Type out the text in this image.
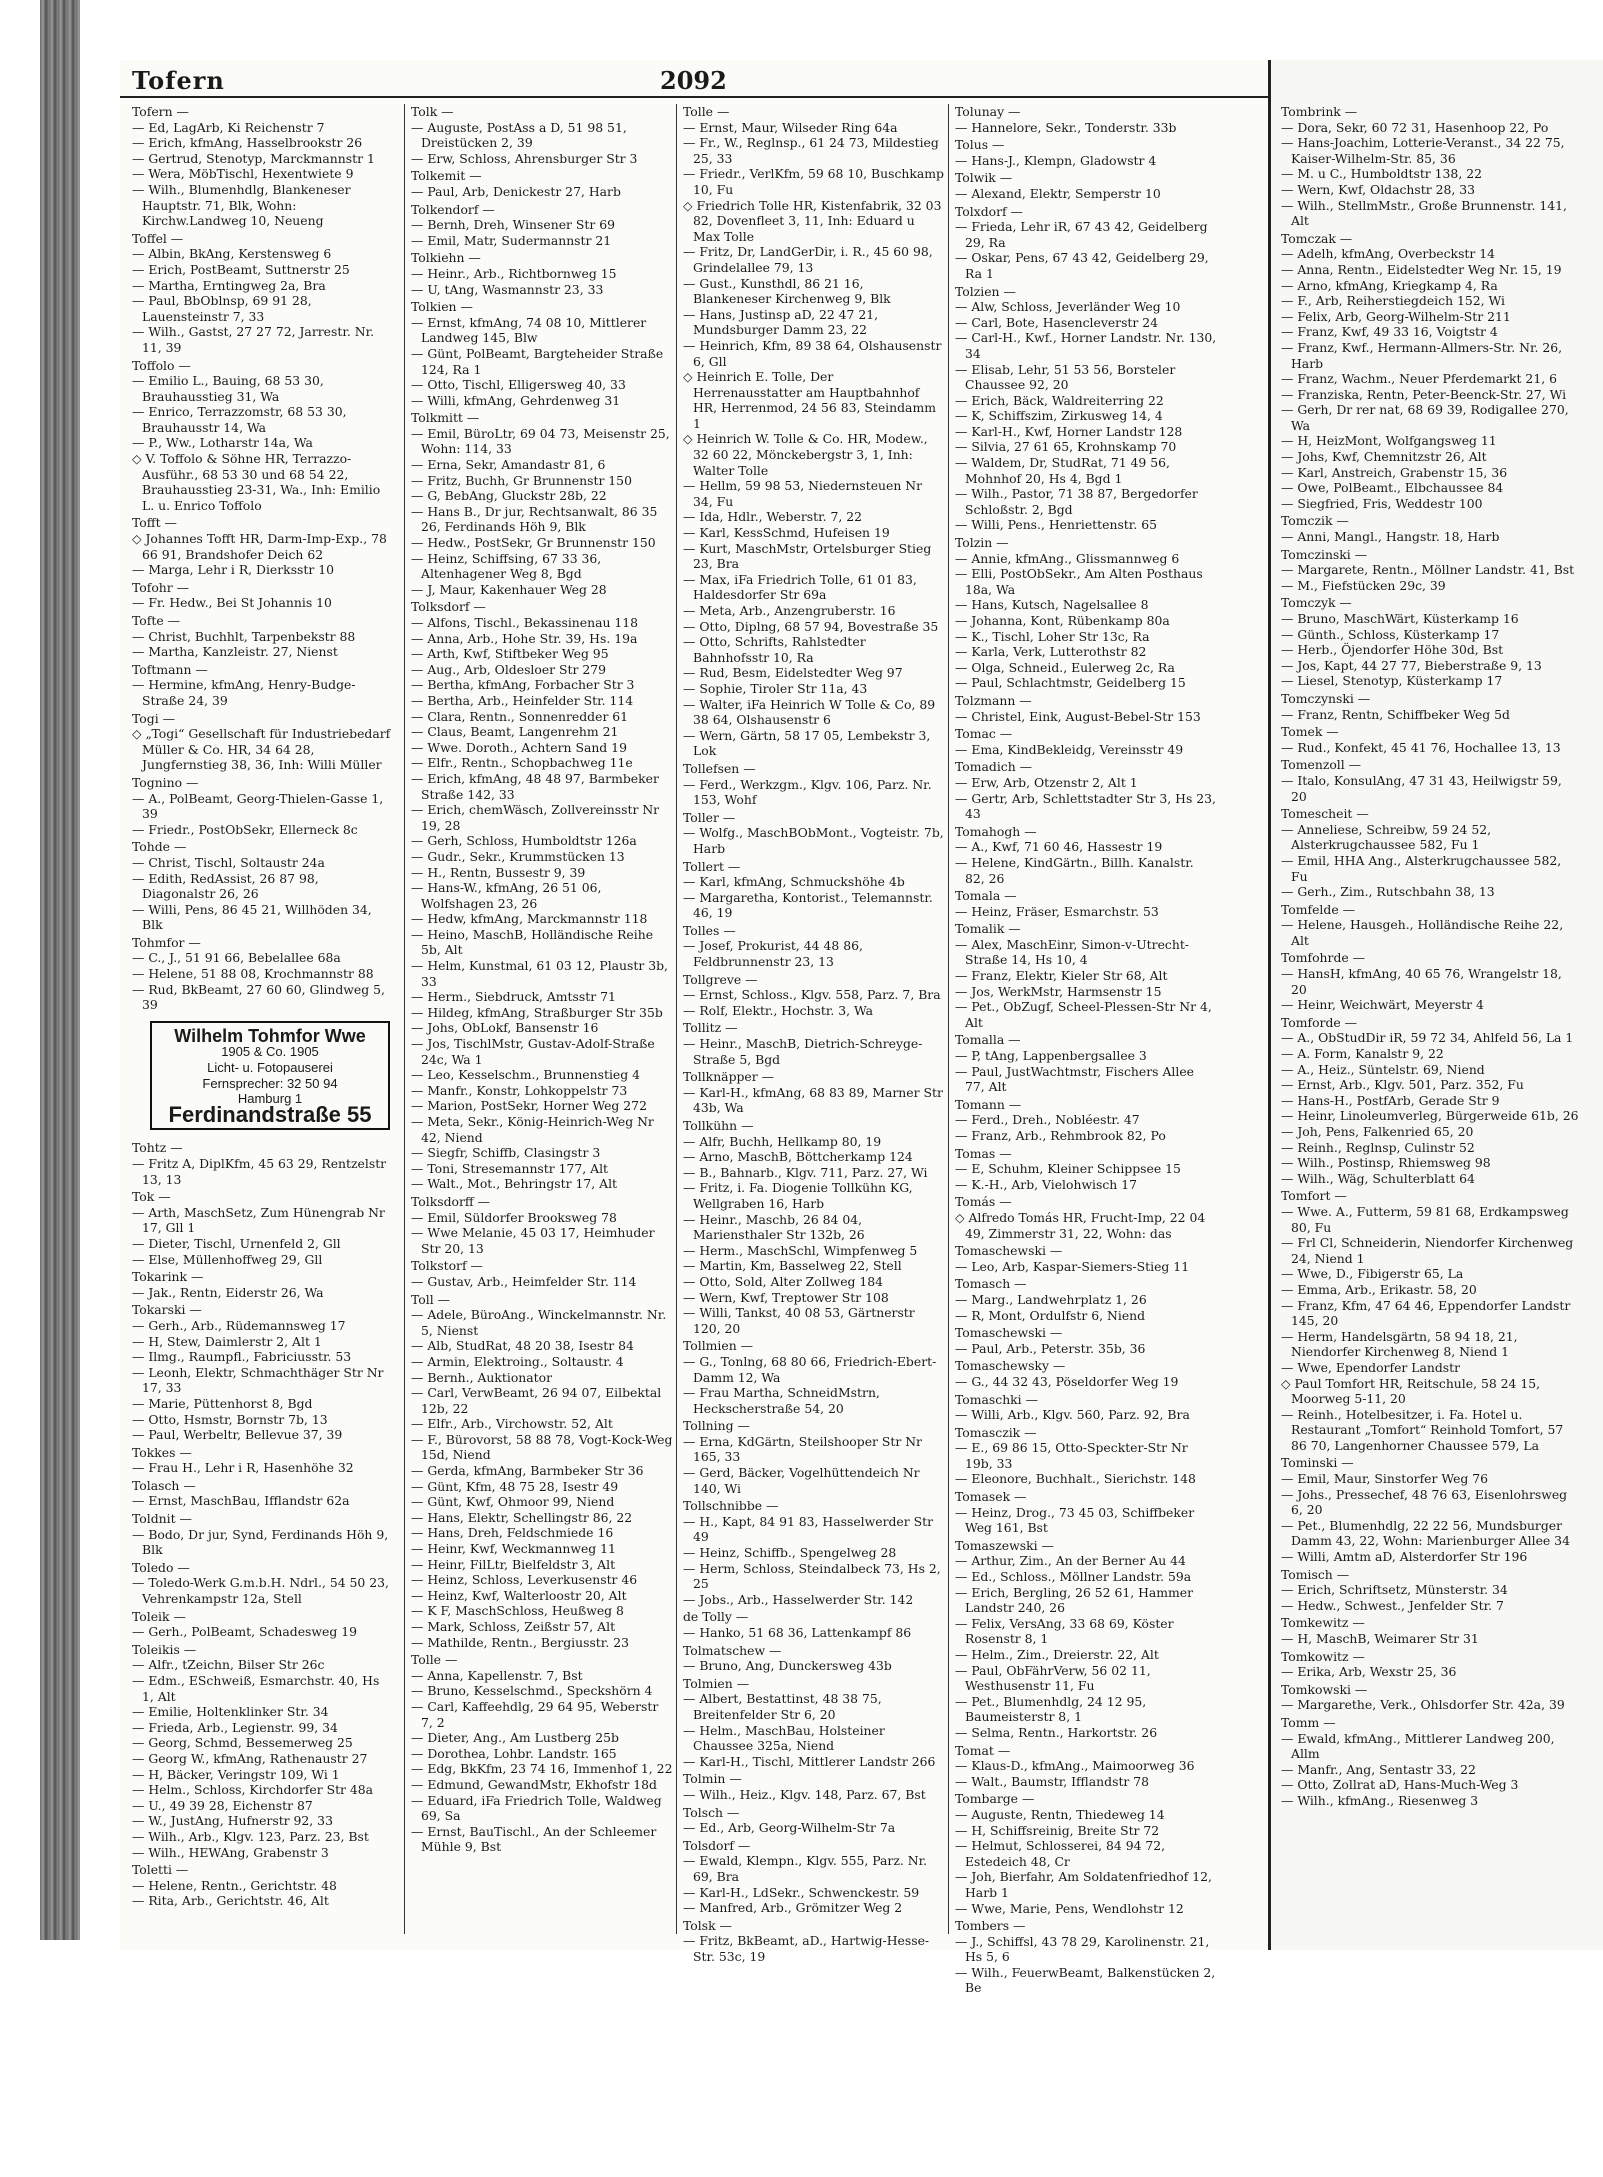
Tofern	2092
Tofern —
— Ed, LagArb, Ki Reichenstr 7
— Erich, kfmAng, Hasselbrookstr 26
— Gertrud, Stenotyp, Marckmannstr 1
— Wera, MöbTischl, Hexentwiete 9
— Wilh., Blumenhdlg, Blankeneser Hauptstr. 71, Blk, Wohn: Kirchw.Landweg 10, Neueng
Toffel —
— Albin, BkAng, Kerstensweg 6
— Erich, PostBeamt, Suttnerstr 25
— Martha, Erntingweg 2a, Bra
— Paul, BbOblnsp, 69 91 28, Lauensteinstr 7, 33
— Wilh., Gastst, 27 27 72, Jarrestr. Nr. 11, 39
Toffolo —
— Emilio L., Bauing, 68 53 30, Brauhausstieg 31, Wa
— Enrico, Terrazzomstr, 68 53 30, Brauhausstr 14, Wa
— P., Ww., Lotharstr 14a, Wa
◇ V. Toffolo & Söhne HR, Terrazzo-Ausführ., 68 53 30 und 68 54 22, Brauhausstieg 23-31, Wa., Inh: Emilio L. u. Enrico Toffolo
Tofft —
◇ Johannes Tofft HR, Darm-Imp-Exp., 78 66 91, Brandshofer Deich 62
— Marga, Lehr i R, Dierksstr 10
Tofohr —
— Fr. Hedw., Bei St Johannis 10
Tofte —
— Christ, Buchhlt, Tarpenbekstr 88
— Martha, Kanzleistr. 27, Nienst
Toftmann —
— Hermine, kfmAng, Henry-Budge-Straße 24, 39
Togi —
◇ „Togi“ Gesellschaft für Industriebedarf Müller & Co. HR, 34 64 28, Jungfernstieg 38, 36, Inh: Willi Müller
Tognino —
— A., PolBeamt, Georg-Thielen-Gasse 1, 39
— Friedr., PostObSekr, Ellerneck 8c
Tohde —
— Christ, Tischl, Soltaustr 24a
— Edith, RedAssist, 26 87 98, Diagonalstr 26, 26
— Willi, Pens, 86 45 21, Willhöden 34, Blk
Tohmfor —
— C., J., 51 91 66, Bebelallee 68a
— Helene, 51 88 08, Krochmannstr 88
— Rud, BkBeamt, 27 60 60, Glindweg 5, 39
Wilhelm Tohmfor Wwe
1905 & Co. 1905
Licht- u. Fotopauserei
Fernsprecher: 32 50 94
Hamburg 1
Ferdinandstraße 55
Tohtz —
— Fritz A, DiplKfm, 45 63 29, Rentzelstr 13, 13
Tok —
— Arth, MaschSetz, Zum Hünengrab Nr 17, Gll 1
— Dieter, Tischl, Urnenfeld 2, Gll
— Else, Müllenhoffweg 29, Gll
Tokarink —
— Jak., Rentn, Eiderstr 26, Wa
Tokarski —
— Gerh., Arb., Rüdemannsweg 17
— H, Stew, Daimlerstr 2, Alt 1
— Ilmg., Raumpfl., Fabriciusstr. 53
— Leonh, Elektr, Schmachthäger Str Nr 17, 33
— Marie, Püttenhorst 8, Bgd
— Otto, Hsmstr, Bornstr 7b, 13
— Paul, Werbeltr, Bellevue 37, 39
Tokkes —
— Frau H., Lehr i R, Hasenhöhe 32
Tolasch —
— Ernst, MaschBau, Ifflandstr 62a
Toldnit —
— Bodo, Dr jur, Synd, Ferdinands Höh 9, Blk
Toledo —
— Toledo-Werk G.m.b.H. Ndrl., 54 50 23, Vehrenkampstr 12a, Stell
Toleik —
— Gerh., PolBeamt, Schadesweg 19
Toleikis —
— Alfr., tZeichn, Bilser Str 26c
— Edm., ESchweiß, Esmarchstr. 40, Hs 1, Alt
— Emilie, Holtenklinker Str. 34
— Frieda, Arb., Legienstr. 99, 34
— Georg, Schmd, Bessemerweg 25
— Georg W., kfmAng, Rathenaustr 27
— H, Bäcker, Veringstr 109, Wi 1
— Helm., Schloss, Kirchdorfer Str 48a
— U., 49 39 28, Eichenstr 87
— W., JustAng, Hufnerstr 92, 33
— Wilh., Arb., Klgv. 123, Parz. 23, Bst
— Wilh., HEWAng, Grabenstr 3
Toletti —
— Helene, Rentn., Gerichtstr. 48
— Rita, Arb., Gerichtstr. 46, Alt
Tolk —
— Auguste, PostAss a D, 51 98 51, Dreistücken 2, 39
— Erw, Schloss, Ahrensburger Str 3
Tolkemit —
— Paul, Arb, Denickestr 27, Harb
Tolkendorf —
— Bernh, Dreh, Winsener Str 69
— Emil, Matr, Sudermannstr 21
Tolkiehn —
— Heinr., Arb., Richtbornweg 15
— U, tAng, Wasmannstr 23, 33
Tolkien —
— Ernst, kfmAng, 74 08 10, Mittlerer Landweg 145, Blw
— Günt, PolBeamt, Bargteheider Straße 124, Ra 1
— Otto, Tischl, Elligersweg 40, 33
— Willi, kfmAng, Gehrdenweg 31
Tolkmitt —
— Emil, BüroLtr, 69 04 73, Meisenstr 25, Wohn: 114, 33
— Erna, Sekr, Amandastr 81, 6
— Fritz, Buchh, Gr Brunnenstr 150
— G, BebAng, Gluckstr 28b, 22
— Hans B., Dr jur, Rechtsanwalt, 86 35 26, Ferdinands Höh 9, Blk
— Hedw., PostSekr, Gr Brunnenstr 150
— Heinz, Schiffsing, 67 33 36, Altenhagener Weg 8, Bgd
— J, Maur, Kakenhauer Weg 28
Tolksdorf —
— Alfons, Tischl., Bekassinenau 118
— Anna, Arb., Hohe Str. 39, Hs. 19a
— Arth, Kwf, Stiftbeker Weg 95
— Aug., Arb, Oldesloer Str 279
— Bertha, kfmAng, Forbacher Str 3
— Bertha, Arb., Heinfelder Str. 114
— Clara, Rentn., Sonnenredder 61
— Claus, Beamt, Langenrehm 21
— Wwe. Doroth., Achtern Sand 19
— Elfr., Rentn., Schopbachweg 11e
— Erich, kfmAng, 48 48 97, Barmbeker Straße 142, 33
— Erich, chemWäsch, Zollvereinsstr Nr 19, 28
— Gerh, Schloss, Humboldtstr 126a
— Gudr., Sekr., Krummstücken 13
— H., Rentn, Bussestr 9, 39
— Hans-W., kfmAng, 26 51 06, Wolfshagen 23, 26
— Hedw, kfmAng, Marckmannstr 118
— Heino, MaschB, Holländische Reihe 5b, Alt
— Helm, Kunstmal, 61 03 12, Plaustr 3b, 33
— Herm., Siebdruck, Amtsstr 71
— Hildeg, kfmAng, Straßburger Str 35b
— Johs, ObLokf, Bansenstr 16
— Jos, TischlMstr, Gustav-Adolf-Straße 24c, Wa 1
— Leo, Kesselschm., Brunnenstieg 4
— Manfr., Konstr, Lohkoppelstr 73
— Marion, PostSekr, Horner Weg 272
— Meta, Sekr., König-Heinrich-Weg Nr 42, Niend
— Siegfr, Schiffb, Clasingstr 3
— Toni, Stresemannstr 177, Alt
— Walt., Mot., Behringstr 17, Alt
Tolksdorff —
— Emil, Süldorfer Brooksweg 78
— Wwe Melanie, 45 03 17, Heimhuder Str 20, 13
Tolkstorf —
— Gustav, Arb., Heimfelder Str. 114
Toll —
— Adele, BüroAng., Winckelmannstr. Nr. 5, Nienst
— Alb, StudRat, 48 20 38, Isestr 84
— Armin, Elektroing., Soltaustr. 4
— Bernh., Auktionator
— Carl, VerwBeamt, 26 94 07, Eilbektal 12b, 22
— Elfr., Arb., Virchowstr. 52, Alt
— F., Bürovorst, 58 88 78, Vogt-Kock-Weg 15d, Niend
— Gerda, kfmAng, Barmbeker Str 36
— Günt, Kfm, 48 75 28, Isestr 49
— Günt, Kwf, Ohmoor 99, Niend
— Hans, Elektr, Schellingstr 86, 22
— Hans, Dreh, Feldschmiede 16
— Heinr, Kwf, Weckmannweg 11
— Heinr, FilLtr, Bielfeldstr 3, Alt
— Heinz, Schloss, Leverkusenstr 46
— Heinz, Kwf, Walterloostr 20, Alt
— K F, MaschSchloss, Heußweg 8
— Mark, Schloss, Zeißstr 57, Alt
— Mathilde, Rentn., Bergiusstr. 23
Tolle —
— Anna, Kapellenstr. 7, Bst
— Bruno, Kesselschmd., Speckshörn 4
— Carl, Kaffeehdlg, 29 64 95, Weberstr 7, 2
— Dieter, Ang., Am Lustberg 25b
— Dorothea, Lohbr. Landstr. 165
— Edg, BkKfm, 23 74 16, Immenhof 1, 22
— Edmund, GewandMstr, Ekhofstr 18d
— Eduard, iFa Friedrich Tolle, Waldweg 69, Sa
— Ernst, BauTischl., An der Schleemer Mühle 9, Bst
Tolle —
— Ernst, Maur, Wilseder Ring 64a
— Fr., W., Reglnsp., 61 24 73, Mildestieg 25, 33
— Friedr., VerlKfm, 59 68 10, Buschkamp 10, Fu
◇ Friedrich Tolle HR, Kistenfabrik, 32 03 82, Dovenfleet 3, 11, Inh: Eduard u Max Tolle
— Fritz, Dr, LandGerDir, i. R., 45 60 98, Grindelallee 79, 13
— Gust., Kunsthdl, 86 21 16, Blankeneser Kirchenweg 9, Blk
— Hans, Justinsp aD, 22 47 21, Mundsburger Damm 23, 22
— Heinrich, Kfm, 89 38 64, Olshausenstr 6, Gll
◇ Heinrich E. Tolle, Der Herrenausstatter am Hauptbahnhof HR, Herrenmod, 24 56 83, Steindamm 1
◇ Heinrich W. Tolle & Co. HR, Modew., 32 60 22, Mönckebergstr 3, 1, Inh: Walter Tolle
— Hellm, 59 98 53, Niedernsteuen Nr 34, Fu
— Ida, Hdlr., Weberstr. 7, 22
— Karl, KessSchmd, Hufeisen 19
— Kurt, MaschMstr, Ortelsburger Stieg 23, Bra
— Max, iFa Friedrich Tolle, 61 01 83, Haldesdorfer Str 69a
— Meta, Arb., Anzengruberstr. 16
— Otto, Diplng, 68 57 94, Bovestraße 35
— Otto, Schrifts, Rahlstedter Bahnhofsstr 10, Ra
— Rud, Besm, Eidelstedter Weg 97
— Sophie, Tiroler Str 11a, 43
— Walter, iFa Heinrich W Tolle & Co, 89 38 64, Olshausenstr 6
— Wern, Gärtn, 58 17 05, Lembekstr 3, Lok
Tollefsen —
— Ferd., Werkzgm., Klgv. 106, Parz. Nr. 153, Wohf
Toller —
— Wolfg., MaschBObMont., Vogteistr. 7b, Harb
Tollert —
— Karl, kfmAng, Schmuckshöhe 4b
— Margaretha, Kontorist., Telemannstr. 46, 19
Tolles —
— Josef, Prokurist, 44 48 86, Feldbrunnenstr 23, 13
Tollgreve —
— Ernst, Schloss., Klgv. 558, Parz. 7, Bra
— Rolf, Elektr., Hochstr. 3, Wa
Tollitz —
— Heinr., MaschB, Dietrich-Schreyge-Straße 5, Bgd
Tollknäpper —
— Karl-H., kfmAng, 68 83 89, Marner Str 43b, Wa
Tollkühn —
— Alfr, Buchh, Hellkamp 80, 19
— Arno, MaschB, Böttcherkamp 124
— B., Bahnarb., Klgv. 711, Parz. 27, Wi
— Fritz, i. Fa. Diogenie Tollkühn KG, Wellgraben 16, Harb
— Heinr., Maschb, 26 84 04, Mariensthaler Str 132b, 26
— Herm., MaschSchl, Wimpfenweg 5
— Martin, Km, Basselweg 22, Stell
— Otto, Sold, Alter Zollweg 184
— Wern, Kwf, Treptower Str 108
— Willi, Tankst, 40 08 53, Gärtnerstr 120, 20
Tollmien —
— G., Tonlng, 68 80 66, Friedrich-Ebert-Damm 12, Wa
— Frau Martha, SchneidMstrn, Heckscherstraße 54, 20
Tollning —
— Erna, KdGärtn, Steilshooper Str Nr 165, 33
— Gerd, Bäcker, Vogelhüttendeich Nr 140, Wi
Tollschnibbe —
— H., Kapt, 84 91 83, Hasselwerder Str 49
— Heinz, Schiffb., Spengelweg 28
— Herm, Schloss, Steindalbeck 73, Hs 2, 25
— Jobs., Arb., Hasselwerder Str. 142
de Tolly —
— Hanko, 51 68 36, Lattenkampf 86
Tolmatschew —
— Bruno, Ang, Dunckersweg 43b
Tolmien —
— Albert, Bestattinst, 48 38 75, Breitenfelder Str 6, 20
— Helm., MaschBau, Holsteiner Chaussee 325a, Niend
— Karl-H., Tischl, Mittlerer Landstr 266
Tolmin —
— Wilh., Heiz., Klgv. 148, Parz. 67, Bst
Tolsch —
— Ed., Arb, Georg-Wilhelm-Str 7a
Tolsdorf —
— Ewald, Klempn., Klgv. 555, Parz. Nr. 69, Bra
— Karl-H., LdSekr., Schwenckestr. 59
— Manfred, Arb., Grömitzer Weg 2
Tolsk —
— Fritz, BkBeamt, aD., Hartwig-Hesse-Str. 53c, 19
Tolunay —
— Hannelore, Sekr., Tonderstr. 33b
Tolus —
— Hans-J., Klempn, Gladowstr 4
Tolwik —
— Alexand, Elektr, Semperstr 10
Tolxdorf —
— Frieda, Lehr iR, 67 43 42, Geidelberg 29, Ra
— Oskar, Pens, 67 43 42, Geidelberg 29, Ra 1
Tolzien —
— Alw, Schloss, Jeverländer Weg 10
— Carl, Bote, Hasencleverstr 24
— Carl-H., Kwf., Horner Landstr. Nr. 130, 34
— Elisab, Lehr, 51 53 56, Borsteler Chaussee 92, 20
— Erich, Bäck, Waldreiterring 22
— K, Schiffszim, Zirkusweg 14, 4
— Karl-H., Kwf, Horner Landstr 128
— Silvia, 27 61 65, Krohnskamp 70
— Waldem, Dr, StudRat, 71 49 56, Mohnhof 20, Hs 4, Bgd 1
— Wilh., Pastor, 71 38 87, Bergedorfer Schloßstr. 2, Bgd
— Willi, Pens., Henriettenstr. 65
Tolzin —
— Annie, kfmAng., Glissmannweg 6
— Elli, PostObSekr., Am Alten Posthaus 18a, Wa
— Hans, Kutsch, Nagelsallee 8
— Johanna, Kont, Rübenkamp 80a
— K., Tischl, Loher Str 13c, Ra
— Karla, Verk, Lutterothstr 82
— Olga, Schneid., Eulerweg 2c, Ra
— Paul, Schlachtmstr, Geidelberg 15
Tolzmann —
— Christel, Eink, August-Bebel-Str 153
Tomac —
— Ema, KindBekleidg, Vereinsstr 49
Tomadich —
— Erw, Arb, Otzenstr 2, Alt 1
— Gertr, Arb, Schlettstadter Str 3, Hs 23, 43
Tomahogh —
— A., Kwf, 71 60 46, Hassestr 19
— Helene, KindGärtn., Billh. Kanalstr. 82, 26
Tomala —
— Heinz, Fräser, Esmarchstr. 53
Tomalik —
— Alex, MaschEinr, Simon-v-Utrecht-Straße 14, Hs 10, 4
— Franz, Elektr, Kieler Str 68, Alt
— Jos, WerkMstr, Harmsenstr 15
— Pet., ObZugf, Scheel-Plessen-Str Nr 4, Alt
Tomalla —
— P, tAng, Lappenbergsallee 3
— Paul, JustWachtmstr, Fischers Allee 77, Alt
Tomann —
— Ferd., Dreh., Nobléestr. 47
— Franz, Arb., Rehmbrook 82, Po
Tomas —
— E, Schuhm, Kleiner Schippsee 15
— K.-H., Arb, Vielohwisch 17
Tomás —
◇ Alfredo Tomás HR, Frucht-Imp, 22 04 49, Zimmerstr 31, 22, Wohn: das
Tomaschewski —
— Leo, Arb, Kaspar-Siemers-Stieg 11
Tomasch —
— Marg., Landwehrplatz 1, 26
— R, Mont, Ordulfstr 6, Niend
Tomaschewski —
— Paul, Arb., Peterstr. 35b, 36
Tomaschewsky —
— G., 44 32 43, Pöseldorfer Weg 19
Tomaschki —
— Willi, Arb., Klgv. 560, Parz. 92, Bra
Tomasczik —
— E., 69 86 15, Otto-Speckter-Str Nr 19b, 33
— Eleonore, Buchhalt., Sierichstr. 148
Tomasek —
— Heinz, Drog., 73 45 03, Schiffbeker Weg 161, Bst
Tomaszewski —
— Arthur, Zim., An der Berner Au 44
— Ed., Schloss., Möllner Landstr. 59a
— Erich, Bergling, 26 52 61, Hammer Landstr 240, 26
— Felix, VersAng, 33 68 69, Köster Rosenstr 8, 1
— Helm., Zim., Dreierstr. 22, Alt
— Paul, ObFährVerw, 56 02 11, Westhusenstr 11, Fu
— Pet., Blumenhdlg, 24 12 95, Baumeisterstr 8, 1
— Selma, Rentn., Harkortstr. 26
Tomat —
— Klaus-D., kfmAng., Maimoorweg 36
— Walt., Baumstr, Ifflandstr 78
Tombarge —
— Auguste, Rentn, Thiedeweg 14
— H, Schiffsreinig, Breite Str 72
— Helmut, Schlosserei, 84 94 72, Estedeich 48, Cr
— Joh, Bierfahr, Am Soldatenfriedhof 12, Harb 1
— Wwe, Marie, Pens, Wendlohstr 12
Tombers —
— J., Schiffsl, 43 78 29, Karolinenstr. 21, Hs 5, 6
— Wilh., FeuerwBeamt, Balkenstücken 2, Be
Tombrink —
— Dora, Sekr, 60 72 31, Hasenhoop 22, Po
— Hans-Joachim, Lotterie-Veranst., 34 22 75, Kaiser-Wilhelm-Str. 85, 36
— M. u C., Humboldtstr 138, 22
— Wern, Kwf, Oldachstr 28, 33
— Wilh., StellmMstr., Große Brunnenstr. 141, Alt
Tomczak —
— Adelh, kfmAng, Overbeckstr 14
— Anna, Rentn., Eidelstedter Weg Nr. 15, 19
— Arno, kfmAng, Kriegkamp 4, Ra
— F., Arb, Reiherstiegdeich 152, Wi
— Felix, Arb, Georg-Wilhelm-Str 211
— Franz, Kwf, 49 33 16, Voigtstr 4
— Franz, Kwf., Hermann-Allmers-Str. Nr. 26, Harb
— Franz, Wachm., Neuer Pferdemarkt 21, 6
— Franziska, Rentn, Peter-Beenck-Str. 27, Wi
— Gerh, Dr rer nat, 68 69 39, Rodigallee 270, Wa
— H, HeizMont, Wolfgangsweg 11
— Johs, Kwf, Chemnitzstr 26, Alt
— Karl, Anstreich, Grabenstr 15, 36
— Owe, PolBeamt., Elbchaussee 84
— Siegfried, Fris, Weddestr 100
Tomczik —
— Anni, Mangl., Hangstr. 18, Harb
Tomczinski —
— Margarete, Rentn., Möllner Landstr. 41, Bst
— M., Fiefstücken 29c, 39
Tomczyk —
— Bruno, MaschWärt, Küsterkamp 16
— Günth., Schloss, Küsterkamp 17
— Herb., Öjendorfer Höhe 30d, Bst
— Jos, Kapt, 44 27 77, Bieberstraße 9, 13
— Liesel, Stenotyp, Küsterkamp 17
Tomczynski —
— Franz, Rentn, Schiffbeker Weg 5d
Tomek —
— Rud., Konfekt, 45 41 76, Hochallee 13, 13
Tomenzoll —
— Italo, KonsulAng, 47 31 43, Heilwigstr 59, 20
Tomescheit —
— Anneliese, Schreibw, 59 24 52, Alsterkrugchaussee 582, Fu 1
— Emil, HHA Ang., Alsterkrugchaussee 582, Fu
— Gerh., Zim., Rutschbahn 38, 13
Tomfelde —
— Helene, Hausgeh., Holländische Reihe 22, Alt
Tomfohrde —
— HansH, kfmAng, 40 65 76, Wrangelstr 18, 20
— Heinr, Weichwärt, Meyerstr 4
Tomforde —
— A., ObStudDir iR, 59 72 34, Ahlfeld 56, La 1
— A. Form, Kanalstr 9, 22
— A., Heiz., Süntelstr. 69, Niend
— Ernst, Arb., Klgv. 501, Parz. 352, Fu
— Hans-H., PostfArb, Gerade Str 9
— Heinr, Linoleumverleg, Bürgerweide 61b, 26
— Joh, Pens, Falkenried 65, 20
— Reinh., Reglnsp, Culinstr 52
— Wilh., Postinsp, Rhiemsweg 98
— Wilh., Wäg, Schulterblatt 64
Tomfort —
— Wwe. A., Futterm, 59 81 68, Erdkampsweg 80, Fu
— Frl Cl, Schneiderin, Niendorfer Kirchenweg 24, Niend 1
— Wwe, D., Fibigerstr 65, La
— Emma, Arb., Erikastr. 58, 20
— Franz, Kfm, 47 64 46, Eppendorfer Landstr 145, 20
— Herm, Handelsgärtn, 58 94 18, 21, Niendorfer Kirchenweg 8, Niend 1
— Wwe, Ependorfer Landstr
◇ Paul Tomfort HR, Reitschule, 58 24 15, Moorweg 5-11, 20
— Reinh., Hotelbesitzer, i. Fa. Hotel u. Restaurant „Tomfort“ Reinhold Tomfort, 57 86 70, Langenhorner Chaussee 579, La
Tominski —
— Emil, Maur, Sinstorfer Weg 76
— Johs., Pressechef, 48 76 63, Eisenlohrsweg 6, 20
— Pet., Blumenhdlg, 22 22 56, Mundsburger Damm 43, 22, Wohn: Marienburger Allee 34
— Willi, Amtm aD, Alsterdorfer Str 196
Tomisch —
— Erich, Schriftsetz, Münsterstr. 34
— Hedw., Schwest., Jenfelder Str. 7
Tomkewitz —
— H, MaschB, Weimarer Str 31
Tomkowitz —
— Erika, Arb, Wexstr 25, 36
Tomkowski —
— Margarethe, Verk., Ohlsdorfer Str. 42a, 39
Tomm —
— Ewald, kfmAng., Mittlerer Landweg 200, Allm
— Manfr., Ang, Sentastr 33, 22
— Otto, Zollrat aD, Hans-Much-Weg 3
— Wilh., kfmAng., Riesenweg 3
